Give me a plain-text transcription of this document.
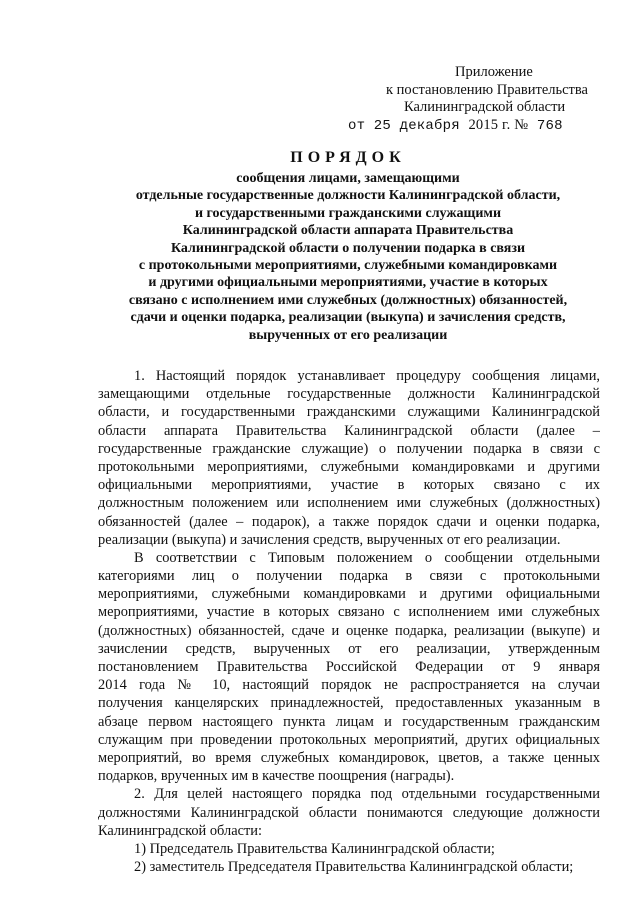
Приложение
к постановлению Правительства
Калининградской области
от 25 декабря 2015 г. № 768
ПОРЯДОК
сообщения лицами, замещающими
отдельные государственные должности Калининградской области,
и государственными гражданскими служащими
Калининградской области аппарата Правительства
Калининградской области о получении подарка в связи
с протокольными мероприятиями, служебными командировками
и другими официальными мероприятиями, участие в которых
связано с исполнением ими служебных (должностных) обязанностей,
сдачи и оценки подарка, реализации (выкупа) и зачисления средств,
вырученных от его реализации
1. Настоящий порядок устанавливает процедуру сообщения лицами,
замещающими отдельные государственные должности Калининградской
области, и государственными гражданскими служащими Калининградской
области аппарата Правительства Калининградской области (далее –
государственные гражданские служащие) о получении подарка в связи с
протокольными мероприятиями, служебными командировками и другими
официальными мероприятиями, участие в которых связано с их
должностным положением или исполнением ими служебных (должностных)
обязанностей (далее – подарок), а также порядок сдачи и оценки подарка,
реализации (выкупа) и зачисления средств, вырученных от его реализации.
В соответствии с Типовым положением о сообщении отдельными
категориями лиц о получении подарка в связи с протокольными
мероприятиями, служебными командировками и другими официальными
мероприятиями, участие в которых связано с исполнением ими служебных
(должностных) обязанностей, сдаче и оценке подарка, реализации (выкупе) и
зачислении средств, вырученных от его реализации, утвержденным
постановлением Правительства Российской Федерации от 9 января
2014 года № 10, настоящий порядок не распространяется на случаи
получения канцелярских принадлежностей, предоставленных указанным в
абзаце первом настоящего пункта лицам и государственным гражданским
служащим при проведении протокольных мероприятий, других официальных
мероприятий, во время служебных командировок, цветов, а также ценных
подарков, врученных им в качестве поощрения (награды).
2. Для целей настоящего порядка под отдельными государственными
должностями Калининградской области понимаются следующие должности
Калининградской области:
1) Председатель Правительства Калининградской области;
2) заместитель Председателя Правительства Калининградской области;
